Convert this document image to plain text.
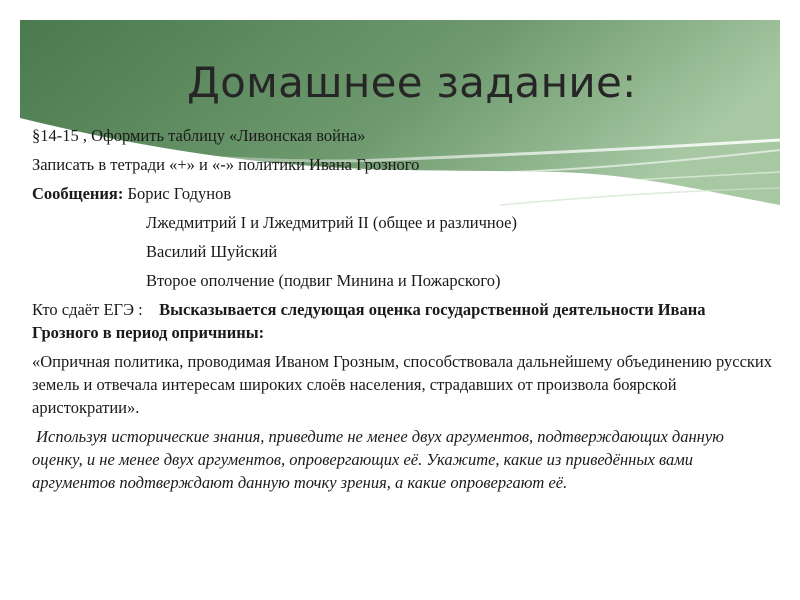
Домашнее задание:

§14-15 , Оформить таблицу «Ливонская война»

Записать в тетради «+» и «-» политики Ивана Грозного

Сообщения: Борис Годунов

Лжедмитрий I и Лжедмитрий II (общее и различное)

Василий Шуйский

Второе ополчение (подвиг Минина и Пожарского)

Кто сдаёт ЕГЭ : Высказывается следующая оценка государственной деятельности Ивана Грозного в период опричнины:

«Опричная политика, проводимая Иваном Грозным, способствовала дальнейшему объединению русских земель и отвечала интересам широких слоёв населения, страдавших от произвола боярской аристократии».

Используя исторические знания, приведите не менее двух аргументов, подтверждающих данную оценку, и не менее двух аргументов, опровергающих её. Укажите, какие из приведённых вами аргументов подтверждают данную точку зрения, а какие опровергают её.
